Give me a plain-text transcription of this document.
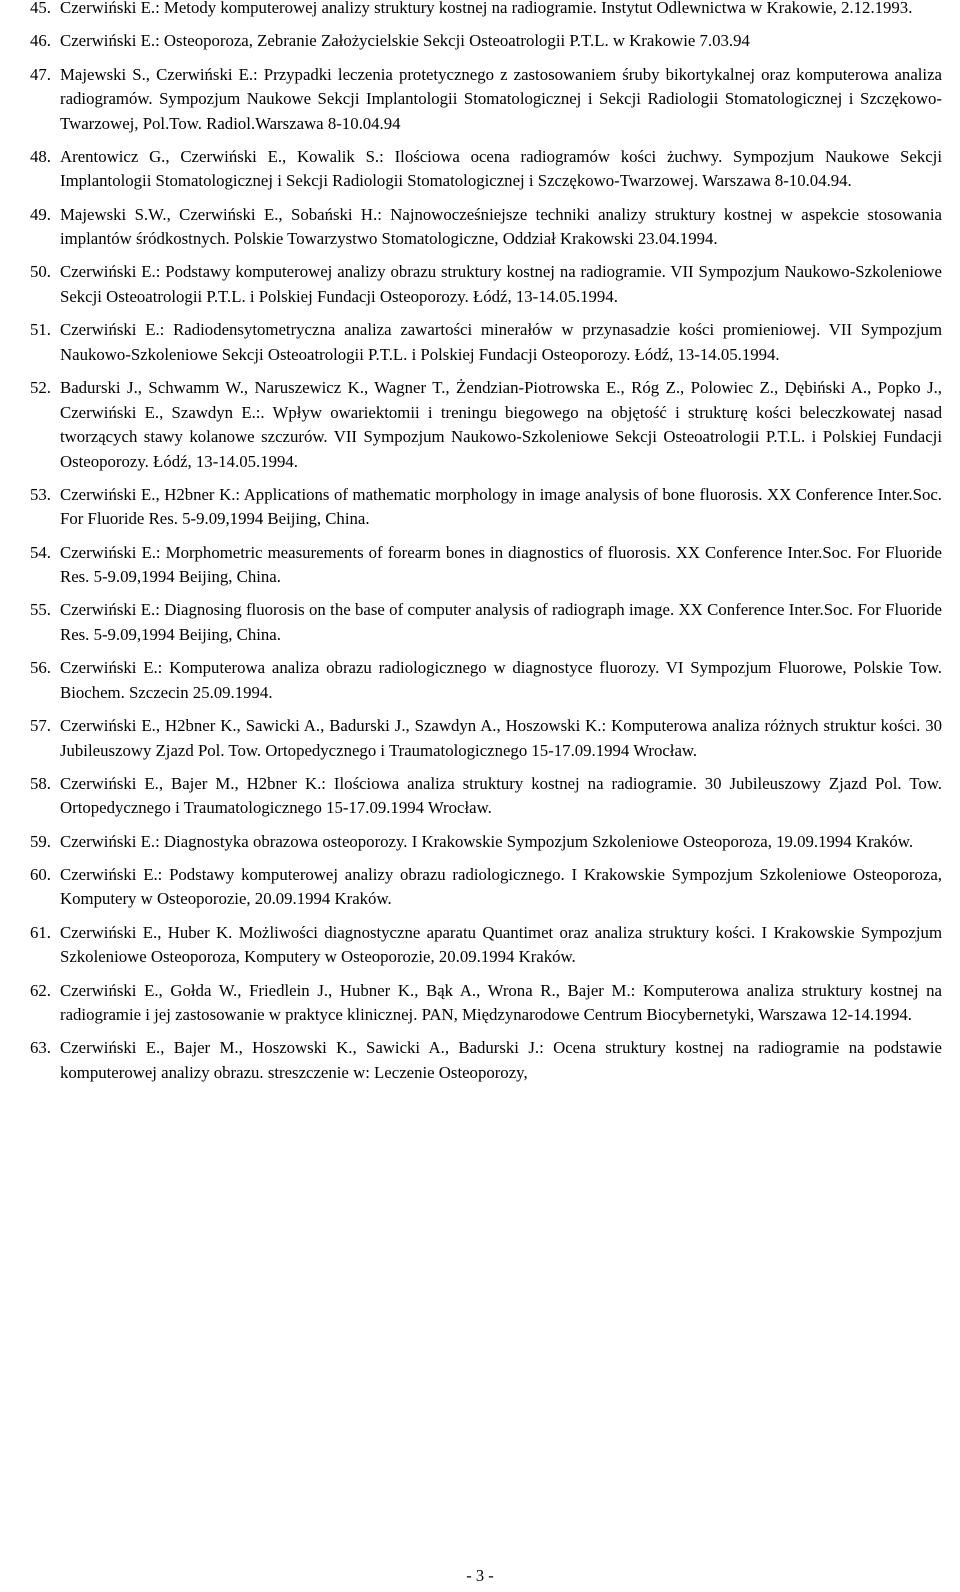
45. Czerwiński E.: Metody komputerowej analizy struktury kostnej na radiogramie. Instytut Odlewnictwa w Krakowie, 2.12.1993.
46. Czerwiński E.: Osteoporoza, Zebranie Założycielskie Sekcji Osteoatrologii P.T.L. w Krakowie 7.03.94
47. Majewski S., Czerwiński E.: Przypadki leczenia protetycznego z zastosowaniem śruby bikortykalnej oraz komputerowa analiza radiogramów. Sympozjum Naukowe Sekcji Implantologii Stomatologicznej i Sekcji Radiologii Stomatologicznej i Szczękowo-Twarzowej, Pol.Tow. Radiol.Warszawa 8-10.04.94
48. Arentowicz G., Czerwiński E., Kowalik S.: Ilościowa ocena radiogramów kości żuchwy. Sympozjum Naukowe Sekcji Implantologii Stomatologicznej i Sekcji Radiologii Stomatologicznej i Szczękowo-Twarzowej. Warszawa 8-10.04.94.
49. Majewski S.W., Czerwiński E., Sobański H.: Najnowocześniejsze techniki analizy struktury kostnej w aspekcie stosowania implantów śródkostnych. Polskie Towarzystwo Stomatologiczne, Oddział Krakowski 23.04.1994.
50. Czerwiński E.: Podstawy komputerowej analizy obrazu struktury kostnej na radiogramie. VII Sympozjum Naukowo-Szkoleniowe Sekcji Osteoatrologii P.T.L. i Polskiej Fundacji Osteoporozy. Łódź, 13-14.05.1994.
51. Czerwiński E.: Radiodensytometryczna analiza zawartości minerałów w przynasadzie kości promieniowej. VII Sympozjum Naukowo-Szkoleniowe Sekcji Osteoatrologii P.T.L. i Polskiej Fundacji Osteoporozy. Łódź, 13-14.05.1994.
52. Badurski J., Schwamm W., Naruszewicz K., Wagner T., Żendzian-Piotrowska E., Róg Z., Polowiec Z., Dębiński A., Popko J., Czerwiński E., Szawdyn E.:. Wpływ owariektomii i treningu biegowego na objętość i strukturę kości beleczkowatej nasad tworzących stawy kolanowe szczurów. VII Sympozjum Naukowo-Szkoleniowe Sekcji Osteoatrologii P.T.L. i Polskiej Fundacji Osteoporozy. Łódź, 13-14.05.1994.
53. Czerwiński E., H2bner K.: Applications of mathematic morphology in image analysis of bone fluorosis. XX Conference Inter.Soc. For Fluoride Res. 5-9.09,1994 Beijing, China.
54. Czerwiński E.: Morphometric measurements of forearm bones in diagnostics of fluorosis. XX Conference Inter.Soc. For Fluoride Res. 5-9.09,1994 Beijing, China.
55. Czerwiński E.: Diagnosing fluorosis on the base of computer analysis of radiograph image. XX Conference Inter.Soc. For Fluoride Res. 5-9.09,1994 Beijing, China.
56. Czerwiński E.: Komputerowa analiza obrazu radiologicznego w diagnostyce fluorozy. VI Sympozjum Fluorowe, Polskie Tow. Biochem. Szczecin 25.09.1994.
57. Czerwiński E., H2bner K., Sawicki A., Badurski J., Szawdyn A., Hoszowski K.: Komputerowa analiza różnych struktur kości. 30 Jubileuszowy Zjazd Pol. Tow. Ortopedycznego i Traumatologicznego 15-17.09.1994 Wrocław.
58. Czerwiński E., Bajer M., H2bner K.: Ilościowa analiza struktury kostnej na radiogramie. 30 Jubileuszowy Zjazd Pol. Tow. Ortopedycznego i Traumatologicznego 15-17.09.1994 Wrocław.
59. Czerwiński E.: Diagnostyka obrazowa osteoporozy. I Krakowskie Sympozjum Szkoleniowe Osteoporoza, 19.09.1994 Kraków.
60. Czerwiński E.: Podstawy komputerowej analizy obrazu radiologicznego. I Krakowskie Sympozjum Szkoleniowe Osteoporoza, Komputery w Osteoporozie, 20.09.1994 Kraków.
61. Czerwiński E., Huber K. Możliwości diagnostyczne aparatu Quantimet oraz analiza struktury kości. I Krakowskie Sympozjum Szkoleniowe Osteoporoza, Komputery w Osteoporozie, 20.09.1994 Kraków.
62. Czerwiński E., Gołda W., Friedlein J., Hubner K., Bąk A., Wrona R., Bajer M.: Komputerowa analiza struktury kostnej na radiogramie i jej zastosowanie w praktyce klinicznej. PAN, Międzynarodowe Centrum Biocybernetyki, Warszawa 12-14.1994.
63. Czerwiński E., Bajer M., Hoszowski K., Sawicki A., Badurski J.: Ocena struktury kostnej na radiogramie na podstawie komputerowej analizy obrazu. streszczenie w: Leczenie Osteoporozy,
- 3 -
